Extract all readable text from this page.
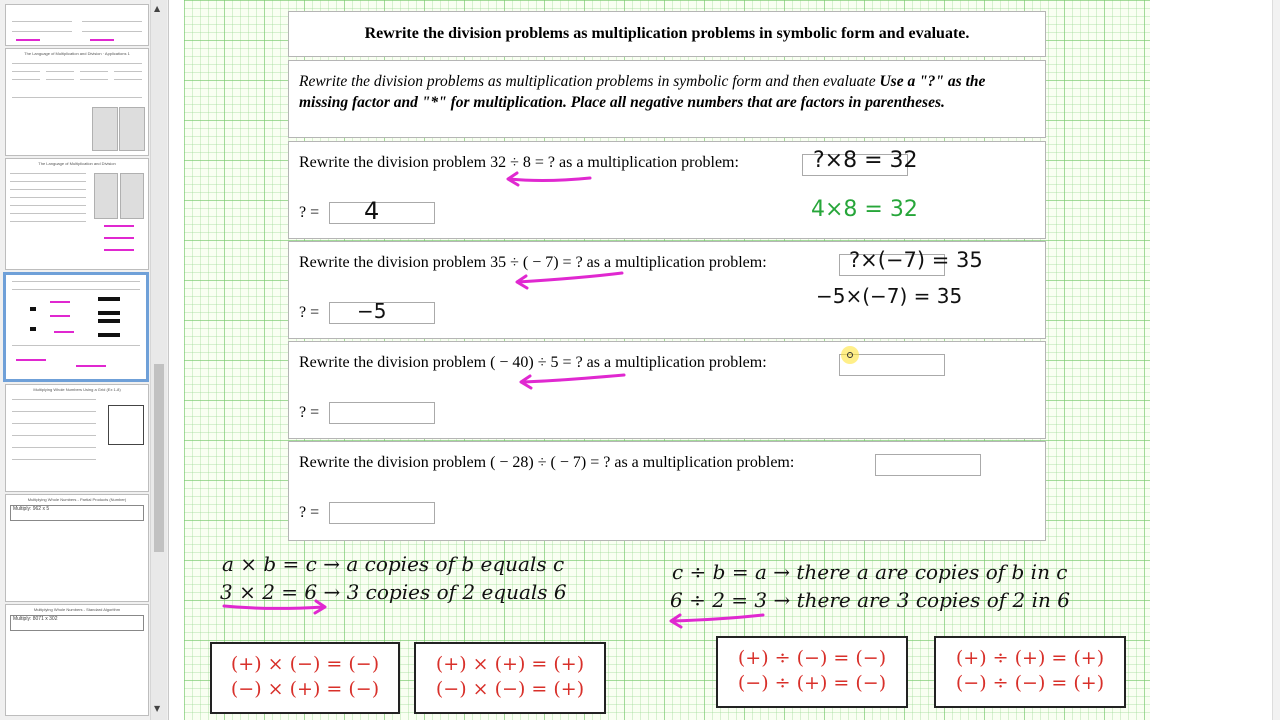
The Language of Multiplication and Division · Applications 1
The Language of Multiplication and Division
Multiplying Whole Numbers Using a Grid (Ex 1-8)
Multiplying Whole Numbers - Partial Products (Number)
Multiply: 962 x 5
Multiplying Whole Numbers - Standard Algorithm
Multiply: 8071 x 302
▲
▼
Rewrite the division problems as multiplication problems in symbolic form and evaluate.
Rewrite the division problems as multiplication problems in symbolic form and then evaluate Use a "?" as the missing factor and "*" for multiplication. Place all negative numbers that are factors in parentheses.
Rewrite the division problem 32 ÷ 8 = ? as a multiplication problem:
? = 4
?×8 = 32
4×8 = 32
Rewrite the division problem 35 ÷ ( − 7) = ? as a multiplication problem:
? = −5
?×(−7) = 35
−5×(−7) = 35
Rewrite the division problem ( − 40) ÷ 5 = ? as a multiplication problem:
? =
Rewrite the division problem ( − 28) ÷ ( − 7) = ? as a multiplication problem:
? =
a × b = c → a copies of b equals c
3 × 2 = 6 → 3 copies of 2 equals 6
c ÷ b = a → there a are copies of b in c
6 ÷ 2 = 3 → there are 3 copies of 2 in 6
(+) × (−) = (−)
(−) × (+) = (−)
(+) × (+) = (+)
(−) × (−) = (+)
(+) ÷ (−) = (−)
(−) ÷ (+) = (−)
(+) ÷ (+) = (+)
(−) ÷ (−) = (+)
